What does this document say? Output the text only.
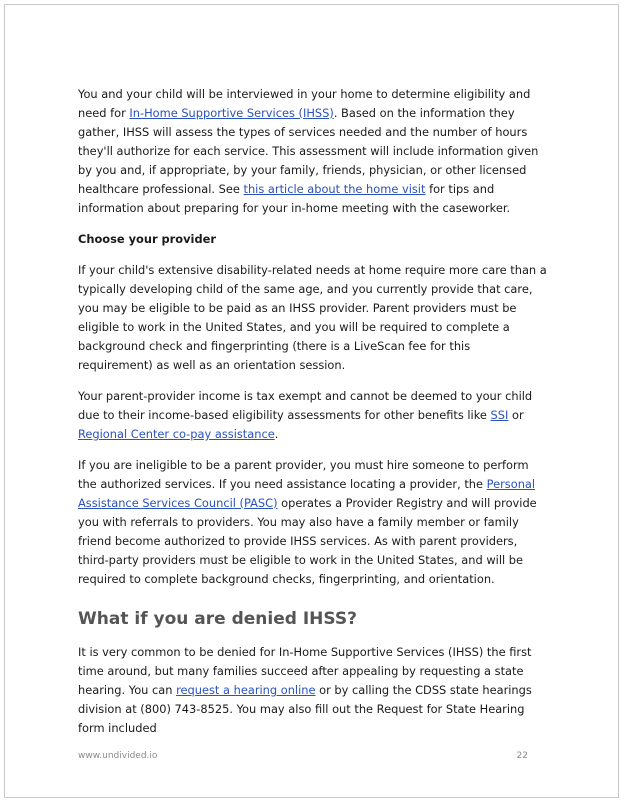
You and your child will be interviewed in your home to determine eligibility and need for In-Home Supportive Services (IHSS). Based on the information they gather, IHSS will assess the types of services needed and the number of hours they'll authorize for each service. This assessment will include information given by you and, if appropriate, by your family, friends, physician, or other licensed healthcare professional. See this article about the home visit for tips and information about preparing for your in-home meeting with the caseworker.

Choose your provider

If your child's extensive disability-related needs at home require more care than a typically developing child of the same age, and you currently provide that care, you may be eligible to be paid as an IHSS provider. Parent providers must be eligible to work in the United States, and you will be required to complete a background check and fingerprinting (there is a LiveScan fee for this requirement) as well as an orientation session.

Your parent-provider income is tax exempt and cannot be deemed to your child due to their income-based eligibility assessments for other benefits like SSI or Regional Center co-pay assistance.

If you are ineligible to be a parent provider, you must hire someone to perform the authorized services. If you need assistance locating a provider, the Personal Assistance Services Council (PASC) operates a Provider Registry and will provide you with referrals to providers. You may also have a family member or family friend become authorized to provide IHSS services. As with parent providers, third-party providers must be eligible to work in the United States, and will be required to complete background checks, fingerprinting, and orientation.

What if you are denied IHSS?

It is very common to be denied for In-Home Supportive Services (IHSS) the first time around, but many families succeed after appealing by requesting a state hearing. You can request a hearing online or by calling the CDSS state hearings division at (800) 743-8525. You may also fill out the Request for State Hearing form included

www.undivided.io	22
